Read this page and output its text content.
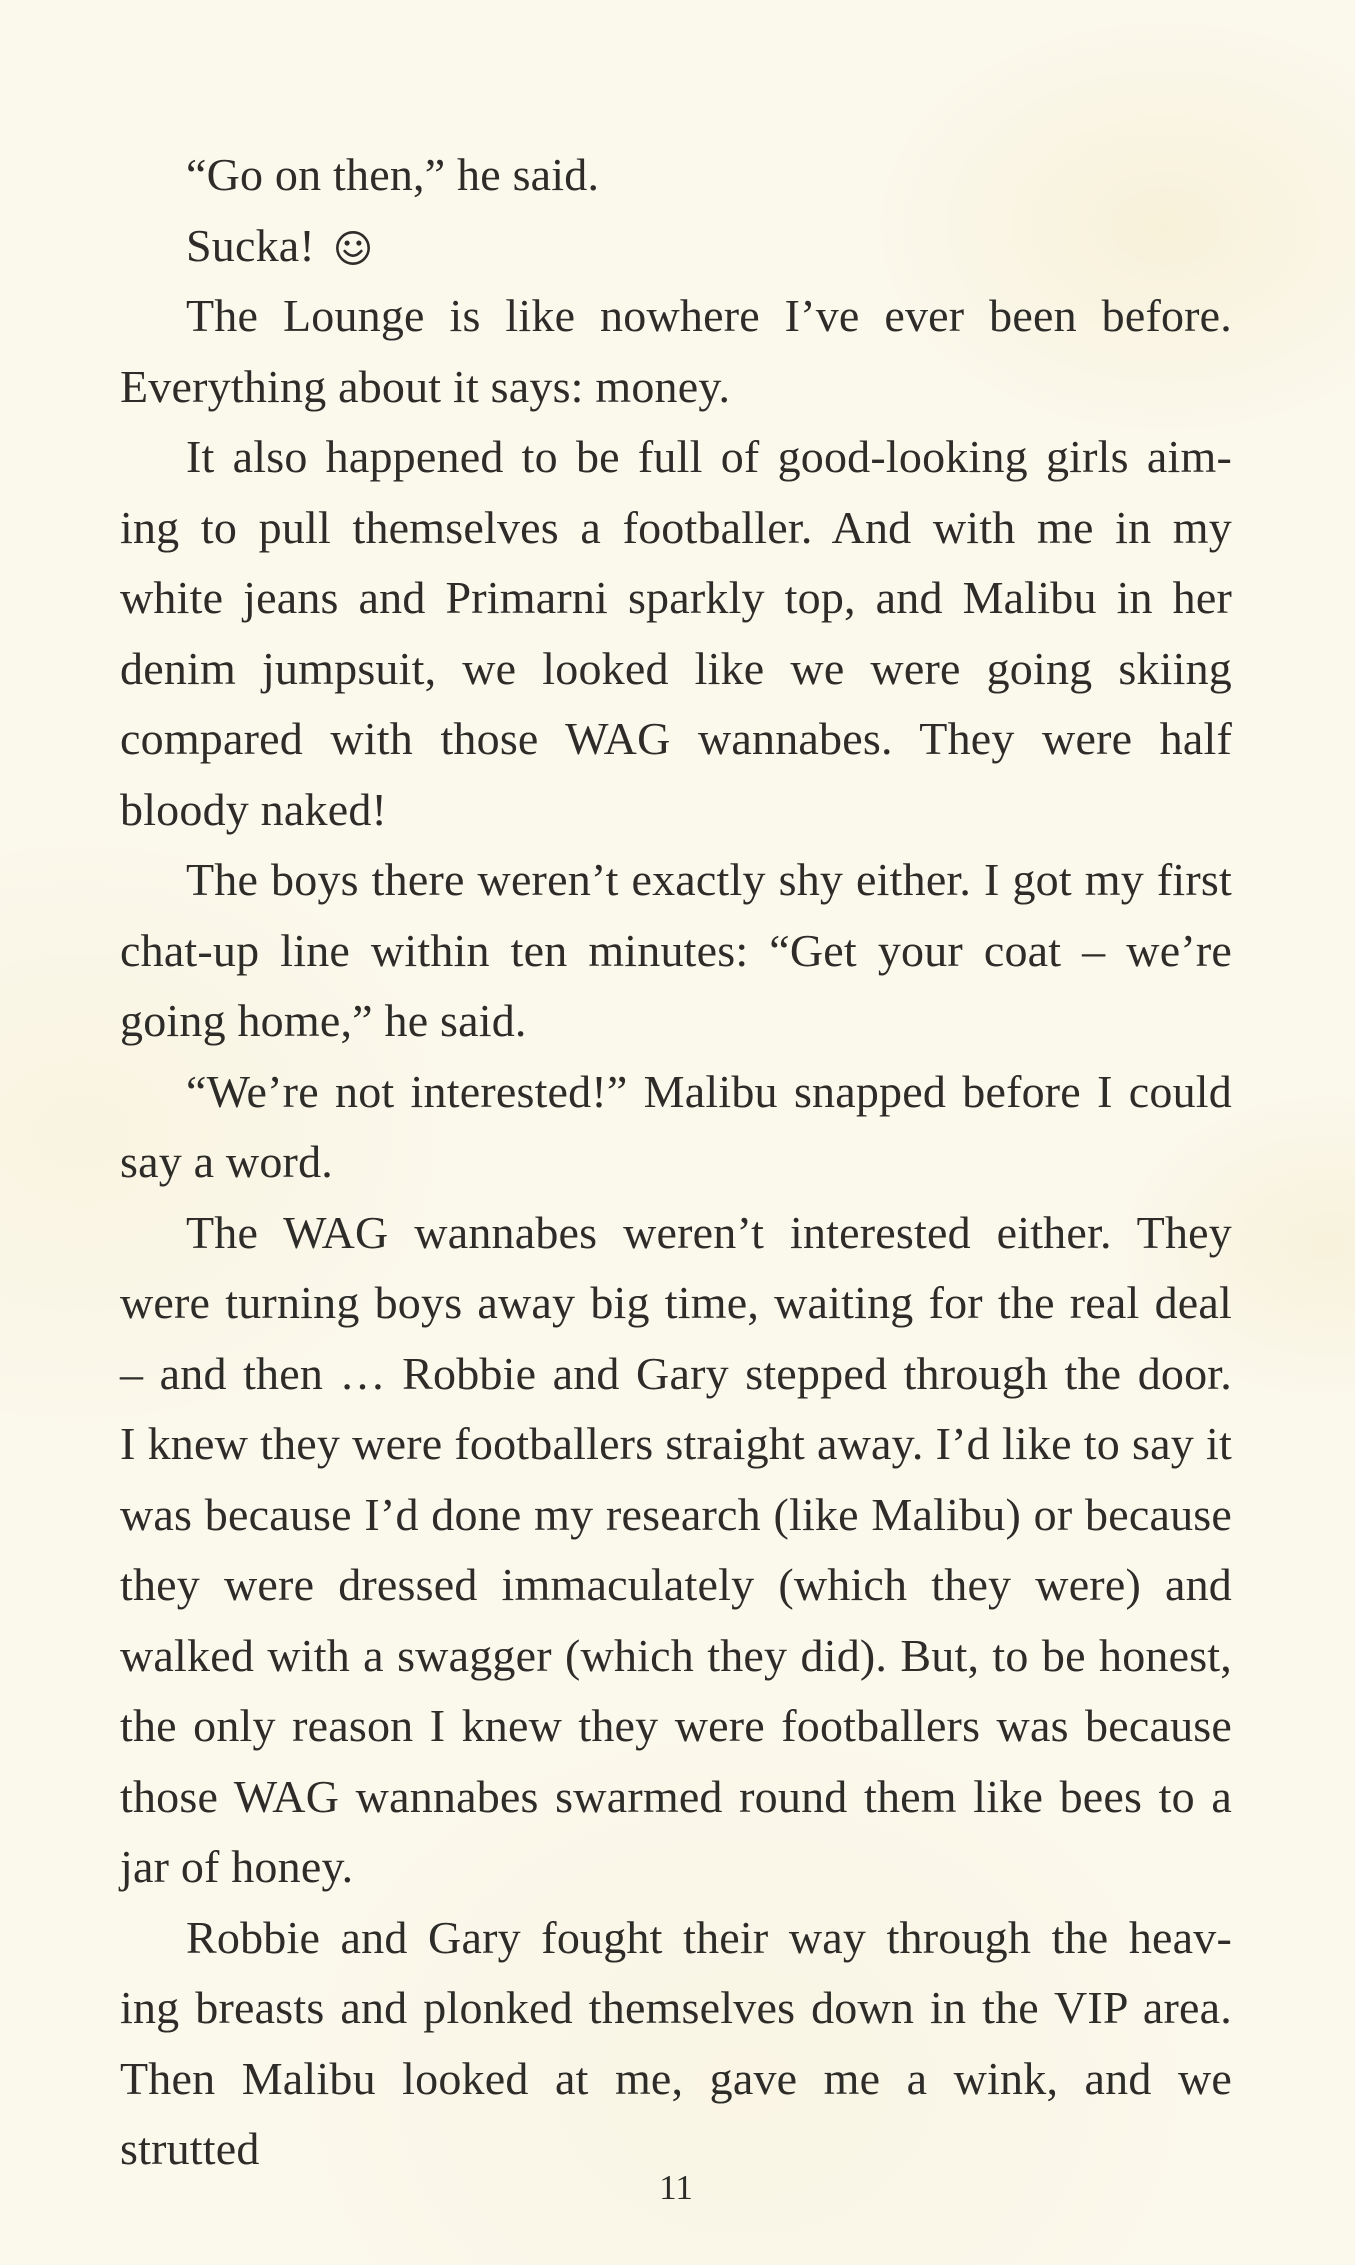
“Go on then,” he said.
Sucka!
The Lounge is like nowhere I’ve ever been before.
Everything about it says: money.
It also happened to be full of good-looking girls aim-
ing to pull themselves a footballer. And with me in my
white jeans and Primarni sparkly top, and Malibu in her
denim jumpsuit, we looked like we were going skiing
compared with those WAG wannabes. They were half
bloody naked!
The boys there weren’t exactly shy either. I got my first
chat-up line within ten minutes: “Get your coat – we’re
going home,” he said.
“We’re not interested!” Malibu snapped before I could
say a word.
The WAG wannabes weren’t interested either. They
were turning boys away big time, waiting for the real deal
– and then … Robbie and Gary stepped through the door.
I knew they were footballers straight away. I’d like to say it
was because I’d done my research (like Malibu) or because
they were dressed immaculately (which they were) and
walked with a swagger (which they did). But, to be honest,
the only reason I knew they were footballers was because
those WAG wannabes swarmed round them like bees to a
jar of honey.
Robbie and Gary fought their way through the heav-
ing breasts and plonked themselves down in the VIP area.
Then Malibu looked at me, gave me a wink, and we strutted
11
